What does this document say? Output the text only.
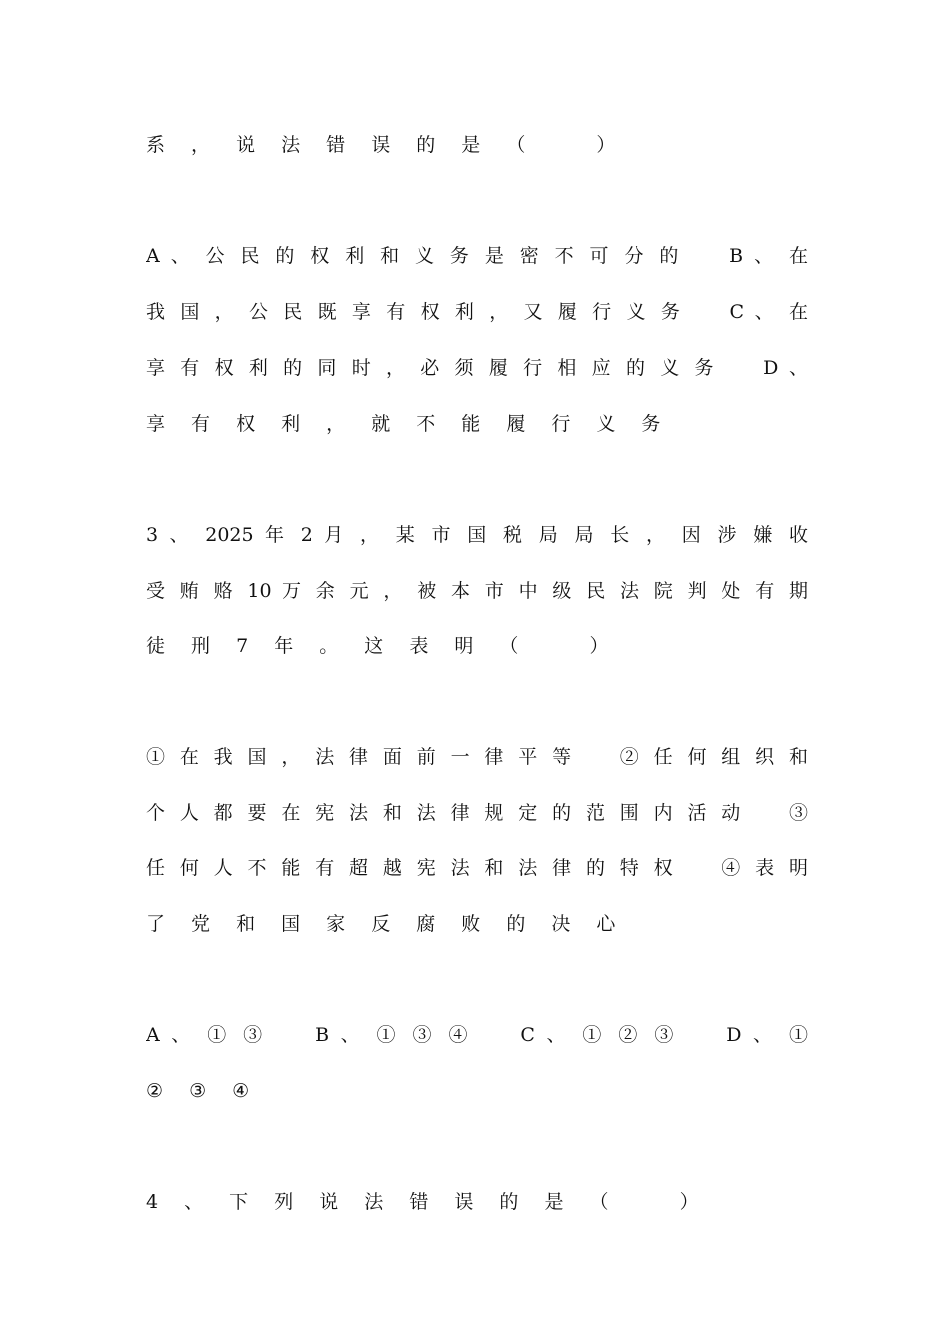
系 ， 说 法 错 误 的 是 （ 　 ）
A 、 公 民 的 权 利 和 义 务 是 密 不 可 分 的 　 B 、 在
我 国 ， 公 民 既 享 有 权 利 ， 又 履 行 义 务 　 C 、 在
享 有 权 利 的 同 时 ， 必 须 履 行 相 应 的 义 务 　 D 、
享 有 权 利 ， 就 不 能 履 行 义 务
3 、 2025 年 2 月 ， 某 市 国 税 局 局 长 ， 因 涉 嫌 收
受 贿 赂 10 万 余 元 ， 被 本 市 中 级 民 法 院 判 处 有 期
徒 刑 7 年 。 这 表 明 （ 　 ）
① 在 我 国 ， 法 律 面 前 一 律 平 等 　 ② 任 何 组 织 和
个 人 都 要 在 宪 法 和 法 律 规 定 的 范 围 内 活 动 　 ③
任 何 人 不 能 有 超 越 宪 法 和 法 律 的 特 权 　 ④ 表 明
了 党 和 国 家 反 腐 败 的 决 心
A 、 ① ③ 　 B 、 ① ③ ④ 　 C 、 ① ② ③ 　 D 、 ①
② ③ ④
4 、 下 列 说 法 错 误 的 是 （ 　 ）
